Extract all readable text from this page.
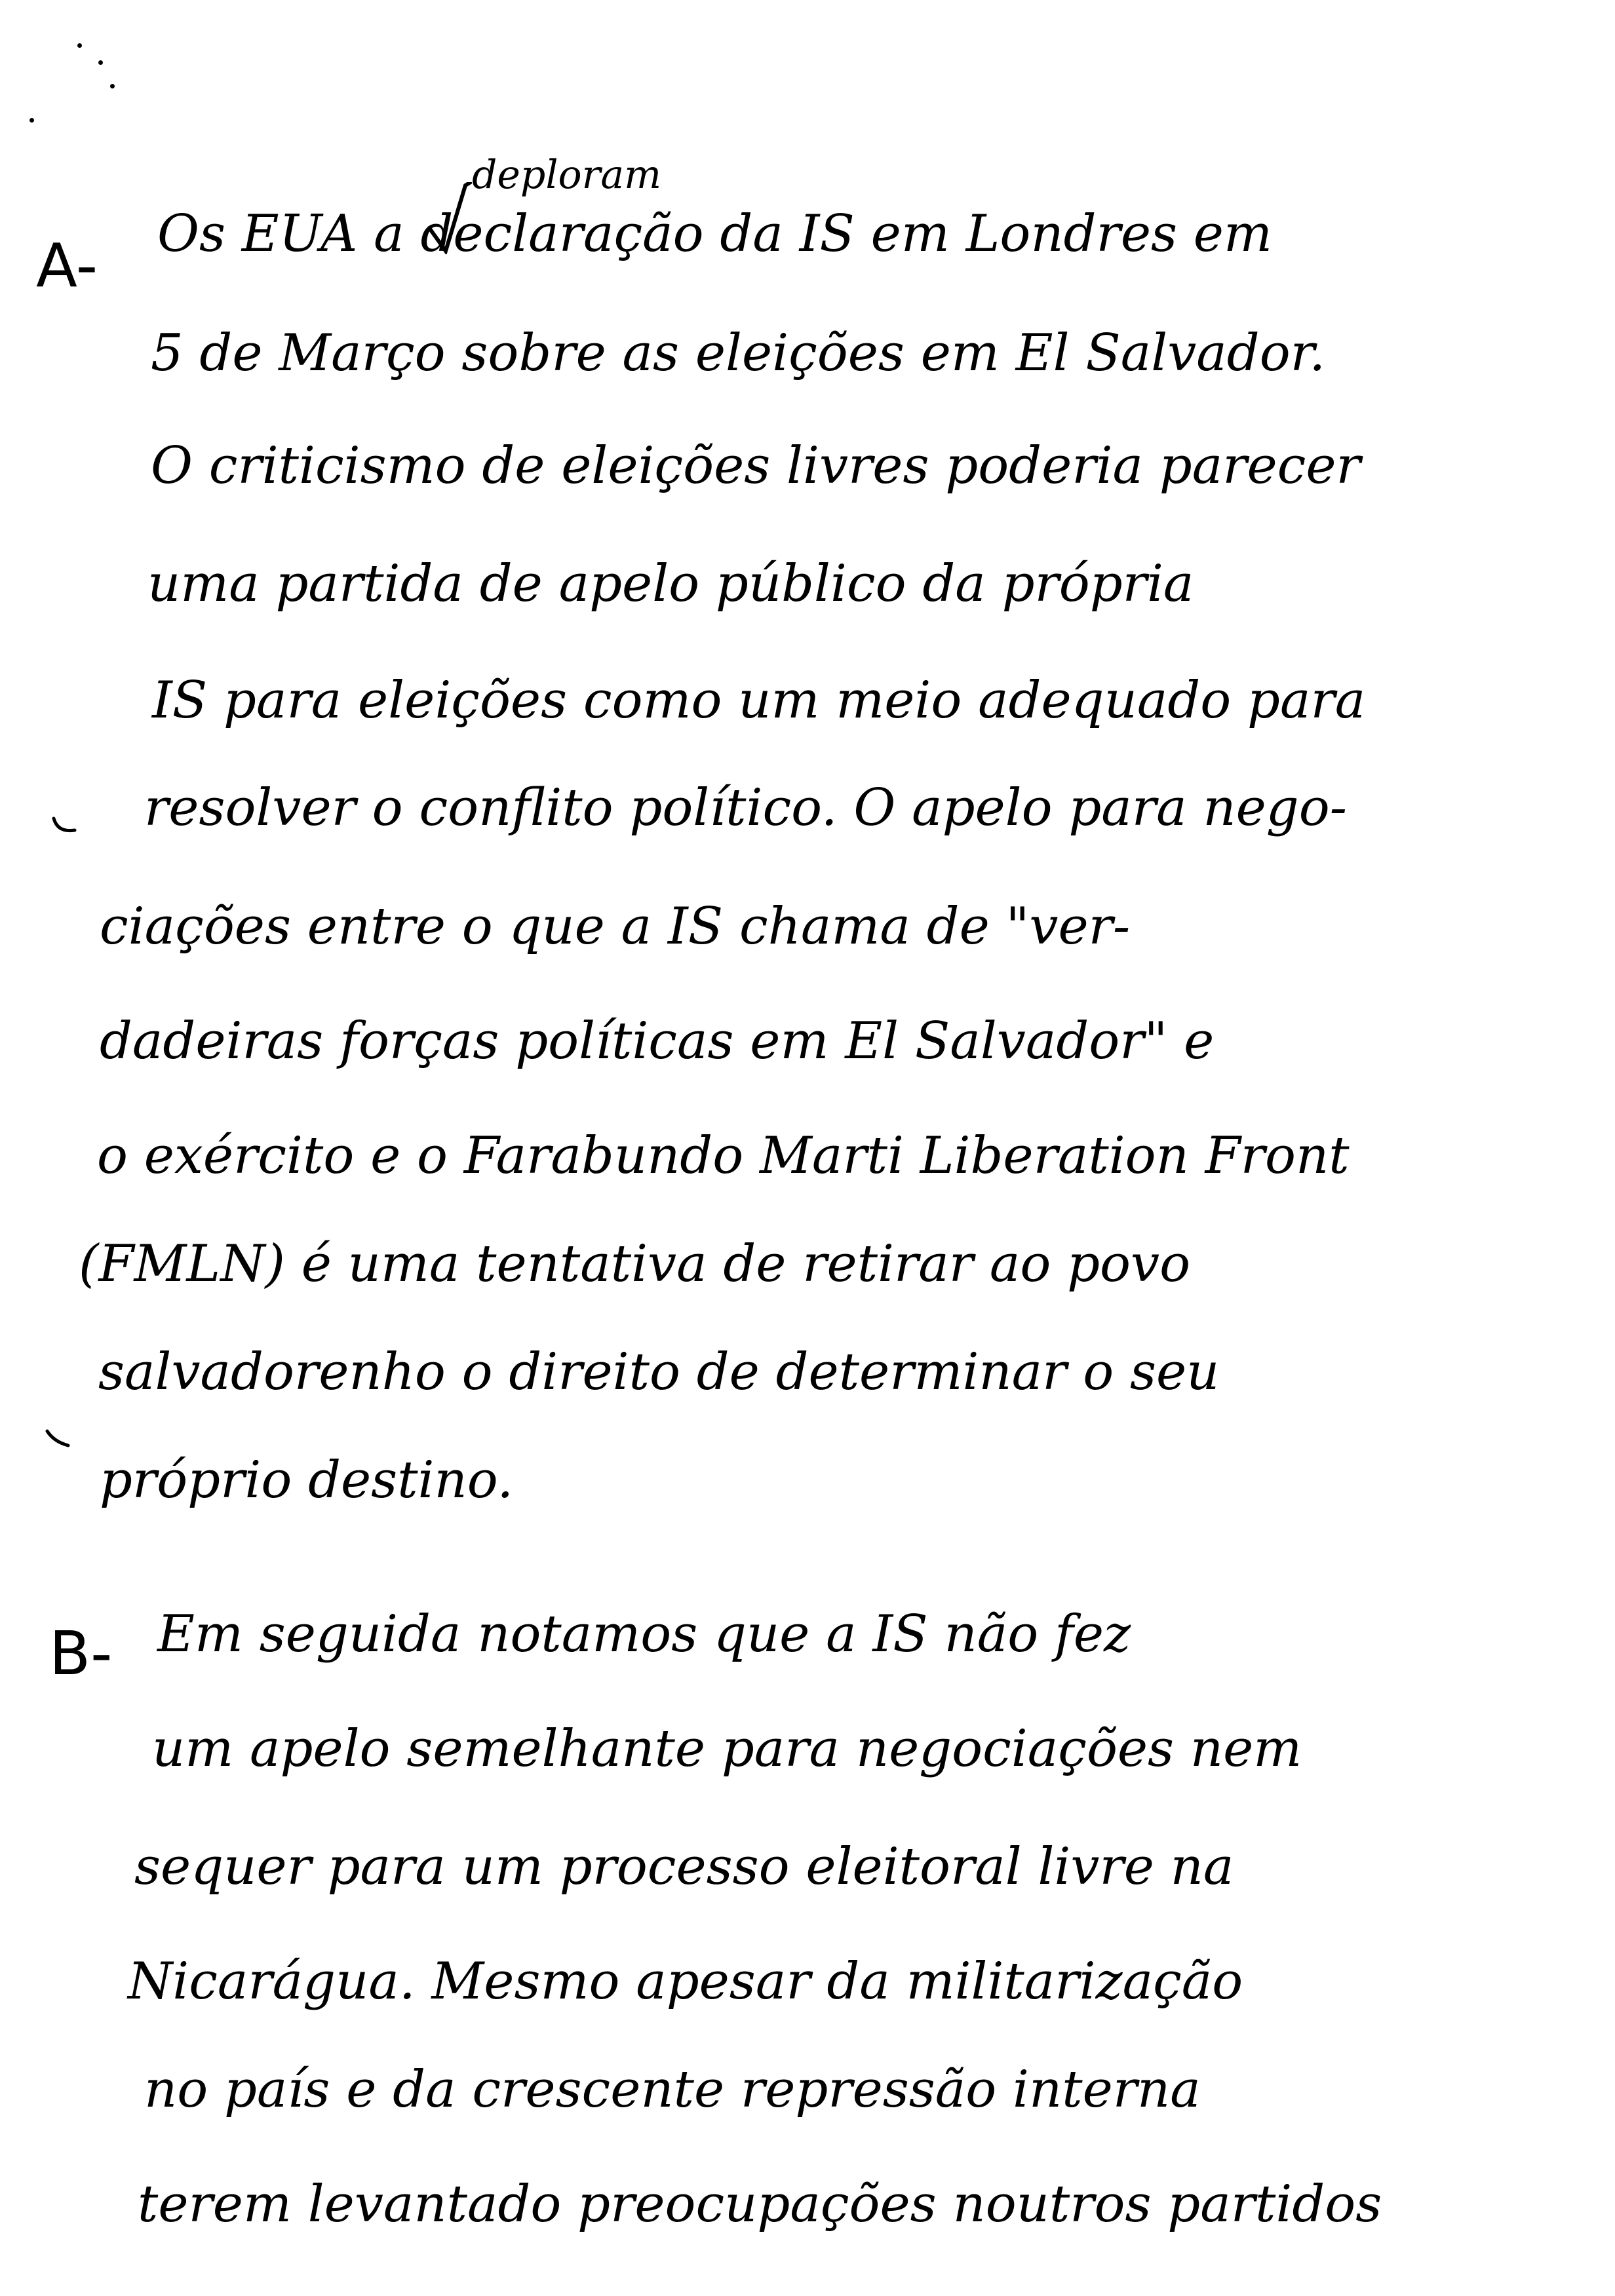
A-
deploram
Os EUA a declaração da IS em Londres em
5 de Março sobre as eleições em El Salvador.
O criticismo de eleições livres poderia parecer
uma partida de apelo público da própria
IS para eleições como um meio adequado para
resolver o conflito político. O apelo para nego-
ciações entre o que a IS chama de "ver-
dadeiras forças políticas em El Salvador" e
o exército e o Farabundo Marti Liberation Front
(FMLN) é uma tentativa de retirar ao povo
salvadorenho o direito de determinar o seu
próprio destino.
B- Em seguida notamos que a IS não fez
um apelo semelhante para negociações nem
sequer para um processo eleitoral livre na
Nicarágua. Mesmo apesar da militarização
no país e da crescente repressão interna
terem levantado preocupações noutros partidos
